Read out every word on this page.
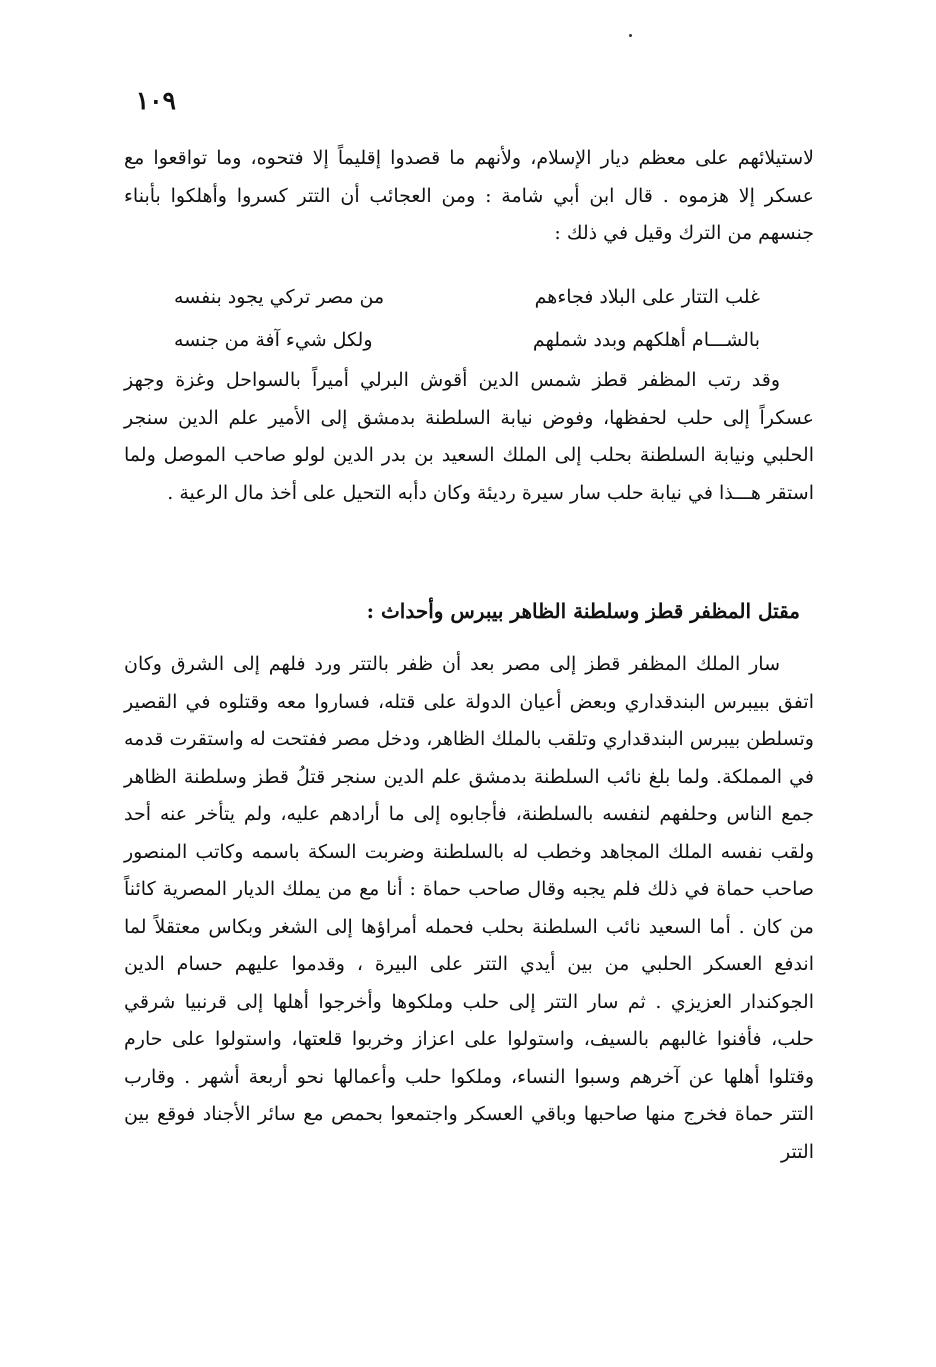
١٠٩

لاستيلائهم على معظم ديار الإسلام، ولأنهم ما قصدوا إقليماً إلا فتحوه، وما تواقعوا مع عسكر إلا هزموه . قال ابن أبي شامة : ومن العجائب أن التتر كسروا وأهلكوا بأبناء جنسهم من الترك وقيل في ذلك :

غلب التتار على البلاد فجاءهم
من مصر تركي يجود بنفسه
بالشـــام أهلكهم وبدد شملهم
ولكل شيء آفة من جنسه

وقد رتب المظفر قطز شمس الدين أقوش البرلي أميراً بالسواحل وغزة وجهز عسكراً إلى حلب لحفظها، وفوض نيابة السلطنة بدمشق إلى الأمير علم الدين سنجر الحلبي ونيابة السلطنة بحلب إلى الملك السعيد بن بدر الدين لولو صاحب الموصل ولما استقر هـــذا في نيابة حلب سار سيرة رديئة وكان دأبه التحيل على أخذ مال الرعية .

مقتل المظفر قطز وسلطنة الظاهر بيبرس وأحداث :

سار الملك المظفر قطز إلى مصر بعد أن ظفر بالتتر ورد فلهم إلى الشرق وكان اتفق ببيبرس البندقداري وبعض أعيان الدولة على قتله، فساروا معه وقتلوه في القصير وتسلطن بيبرس البندقداري وتلقب بالملك الظاهر، ودخل مصر ففتحت له واستقرت قدمه في المملكة. ولما بلغ نائب السلطنة بدمشق علم الدين سنجر قتلُ قطز وسلطنة الظاهر جمع الناس وحلفهم لنفسه بالسلطنة، فأجابوه إلى ما أرادهم عليه، ولم يتأخر عنه أحد ولقب نفسه الملك المجاهد وخطب له بالسلطنة وضربت السكة باسمه وكاتب المنصور صاحب حماة في ذلك فلم يجبه وقال صاحب حماة : أنا مع من يملك الديار المصرية كائناً من كان . أما السعيد نائب السلطنة بحلب فحمله أمراؤها إلى الشغر وبكاس معتقلاً لما اندفع العسكر الحلبي من بين أيدي التتر على البيرة ، وقدموا عليهم حسام الدين الجوكندار العزيزي . ثم سار التتر إلى حلب وملكوها وأخرجوا أهلها إلى قرنبيا شرقي حلب، فأفنوا غالبهم بالسيف، واستولوا على اعزاز وخربوا قلعتها، واستولوا على حارم وقتلوا أهلها عن آخرهم وسبوا النساء، وملكوا حلب وأعمالها نحو أربعة أشهر . وقارب التتر حماة فخرج منها صاحبها وباقي العسكر واجتمعوا بحمص مع سائر الأجناد فوقع بين التتر
